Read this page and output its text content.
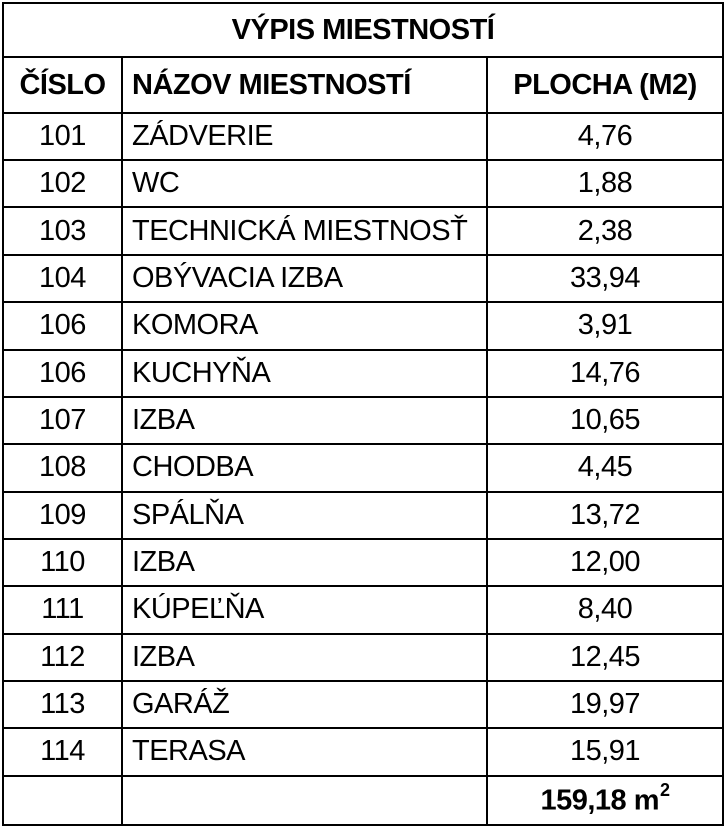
VÝPIS MIESTNOSTÍ		
ČÍSLO	NÁZOV MIESTNOSTÍ	PLOCHA (M2)
101	ZÁDVERIE	4,76
102	WC	1,88
103	TECHNICKÁ MIESTNOSŤ	2,38
104	OBÝVACIA IZBA	33,94
106	KOMORA	3,91
106	KUCHYŇA	14,76
107	IZBA	10,65
108	CHODBA	4,45
109	SPÁLŇA	13,72
110	IZBA	12,00
111	KÚPEĽŇA	8,40
112	IZBA	12,45
113	GARÁŽ	19,97
114	TERASA	15,91
		159,18 $m^2$
